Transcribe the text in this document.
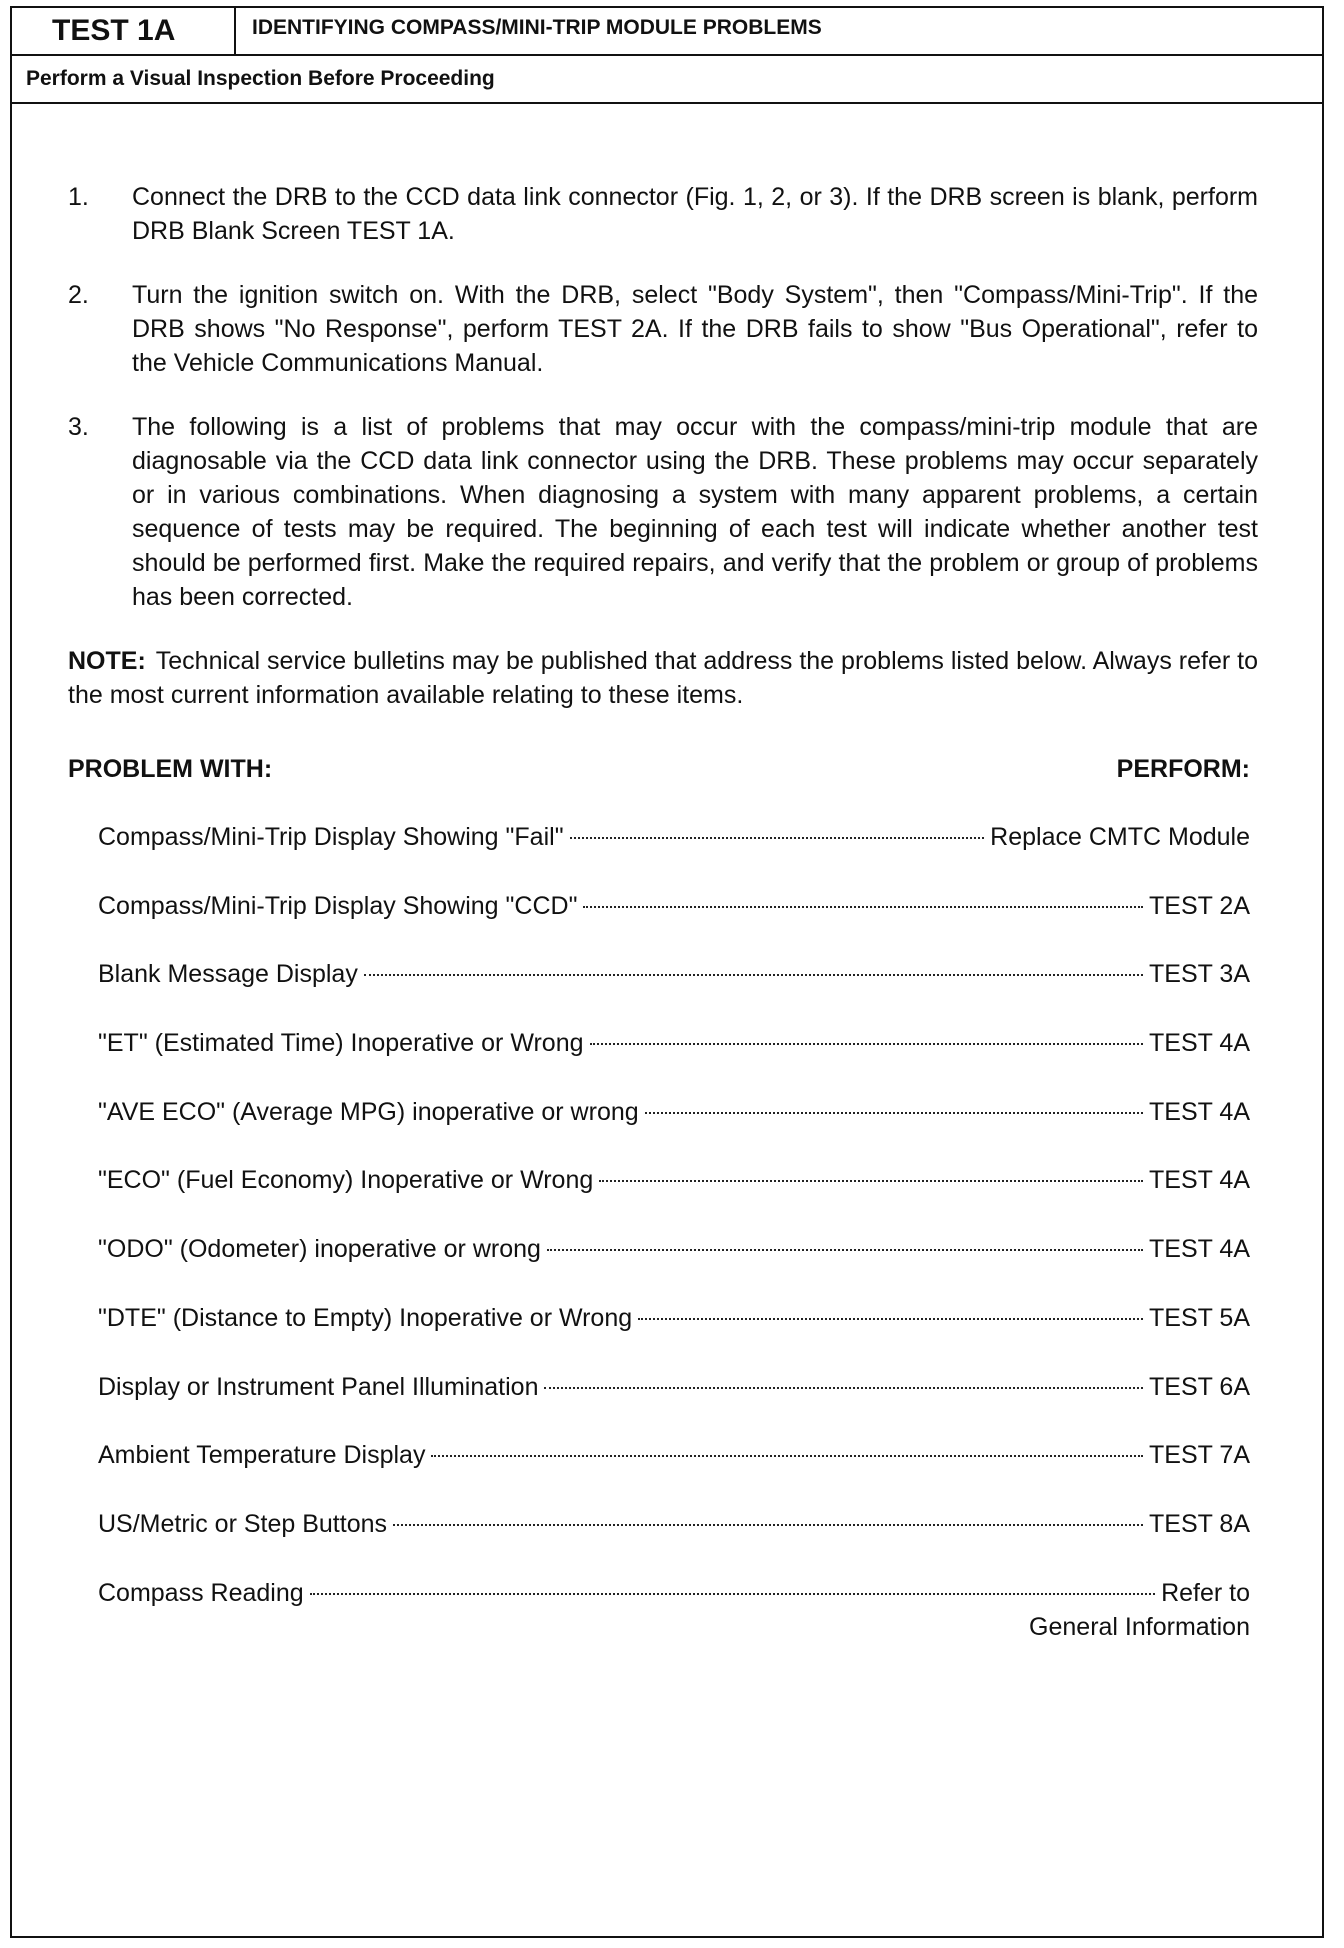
TEST 1A	IDENTIFYING COMPASS/MINI-TRIP MODULE PROBLEMS
Perform a Visual Inspection Before Proceeding
1. Connect the DRB to the CCD data link connector (Fig. 1, 2, or 3). If the DRB screen is blank, perform DRB Blank Screen TEST 1A.
2. Turn the ignition switch on. With the DRB, select "Body System", then "Compass/Mini-Trip". If the DRB shows "No Response", perform TEST 2A. If the DRB fails to show "Bus Operational", refer to the Vehicle Communications Manual.
3. The following is a list of problems that may occur with the compass/mini-trip module that are diagnosable via the CCD data link connector using the DRB. These problems may occur separately or in various combinations. When diagnosing a system with many apparent problems, a certain sequence of tests may be required. The beginning of each test will indicate whether another test should be performed first. Make the required repairs, and verify that the problem or group of problems has been corrected.
NOTE: Technical service bulletins may be published that address the problems listed below. Always refer to the most current information available relating to these items.
PROBLEM WITH:	PERFORM:
Compass/Mini-Trip Display Showing "Fail"	Replace CMTC Module
Compass/Mini-Trip Display Showing "CCD"	TEST 2A
Blank Message Display	TEST 3A
"ET" (Estimated Time) Inoperative or Wrong	TEST 4A
"AVE ECO" (Average MPG) inoperative or wrong	TEST 4A
"ECO" (Fuel Economy) Inoperative or Wrong	TEST 4A
"ODO" (Odometer) inoperative or wrong	TEST 4A
"DTE" (Distance to Empty) Inoperative or Wrong	TEST 5A
Display or Instrument Panel Illumination	TEST 6A
Ambient Temperature Display	TEST 7A
US/Metric or Step Buttons	TEST 8A
Compass Reading	Refer to
General Information
